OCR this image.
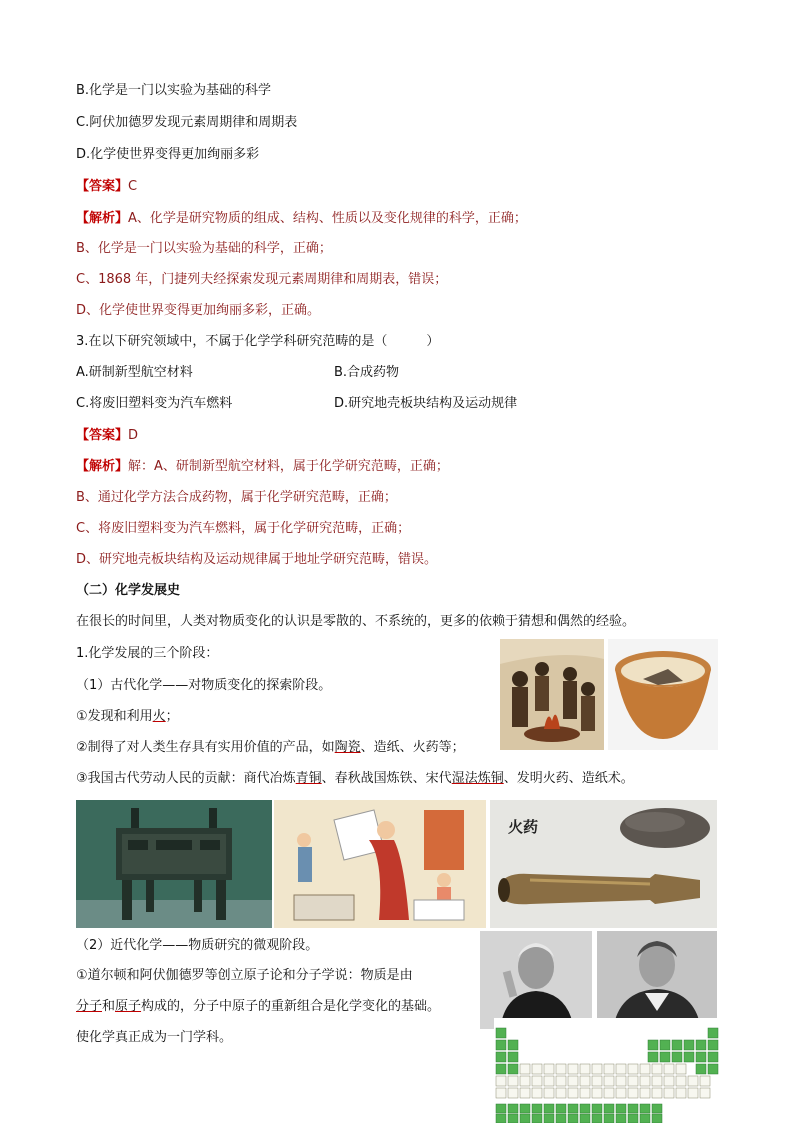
B.化学是一门以实验为基础的科学
C.阿伏加德罗发现元素周期律和周期表
D.化学使世界变得更加绚丽多彩
【答案】C
【解析】A、化学是研究物质的组成、结构、性质以及变化规律的科学，正确；
B、化学是一门以实验为基础的科学，正确；
C、1868 年，门捷列夫经探索发现元素周期律和周期表，错误；
D、化学使世界变得更加绚丽多彩，正确。
3.在以下研究领域中，不属于化学学科研究范畴的是（　　　）
A.研制新型航空材料	B.合成药物
C.将废旧塑料变为汽车燃料	D.研究地壳板块结构及运动规律
【答案】D
【解析】解：A、研制新型航空材料，属于化学研究范畴，正确；
B、通过化学方法合成药物，属于化学研究范畴，正确；
C、将废旧塑料变为汽车燃料，属于化学研究范畴，正确；
D、研究地壳板块结构及运动规律属于地址学研究范畴，错误。
（二）化学发展史
在很长的时间里，人类对物质变化的认识是零散的、不系统的，更多的依赖于猜想和偶然的经验。
1.化学发展的三个阶段：
（1）古代化学——对物质变化的探索阶段。
①发现和利用火；
②制得了对人类生存具有实用价值的产品，如陶瓷、造纸、火药等；
③我国古代劳动人民的贡献：商代冶炼青铜、春秋战国炼铁、宋代湿法炼铜、发明火药、造纸术。
火药
（2）近代化学——物质研究的微观阶段。
①道尔顿和阿伏伽德罗等创立原子论和分子学说：物质是由
分子和原子构成的，分子中原子的重新组合是化学变化的基础。
使化学真正成为一门学科。
